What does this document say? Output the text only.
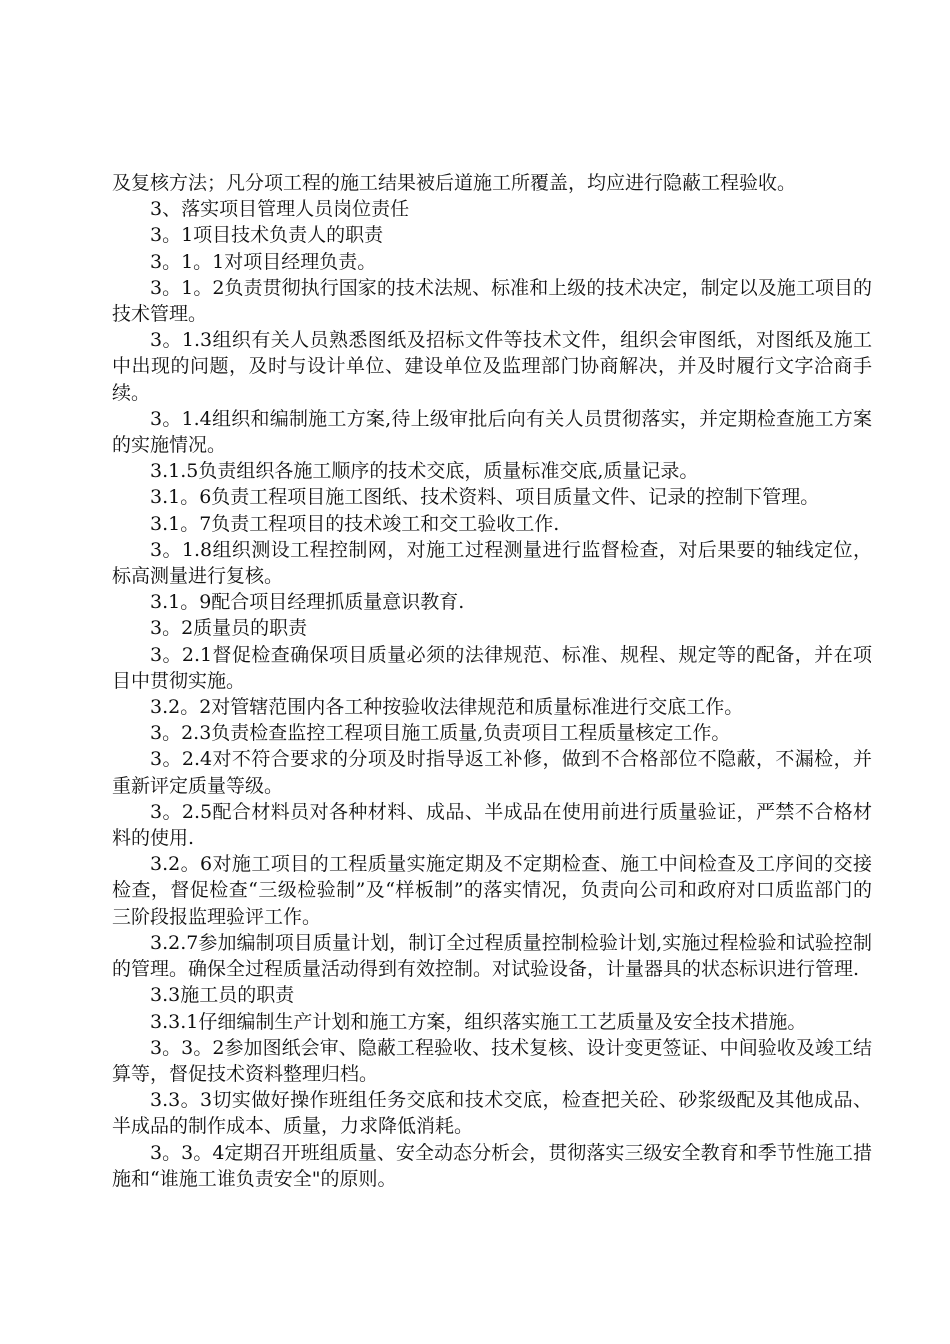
及复核方法；凡分项工程的施工结果被后道施工所覆盖，均应进行隐蔽工程验收。

3、落实项目管理人员岗位责任

3。1项目技术负责人的职责

3。1。1对项目经理负责。

3。1。2负责贯彻执行国家的技术法规、标准和上级的技术决定，制定以及施工项目的技术管理。

3。1.3组织有关人员熟悉图纸及招标文件等技术文件，组织会审图纸，对图纸及施工中出现的问题，及时与设计单位、建设单位及监理部门协商解决，并及时履行文字洽商手续。

3。1.4组织和编制施工方案,待上级审批后向有关人员贯彻落实，并定期检查施工方案的实施情况。

3.1.5负责组织各施工顺序的技术交底，质量标准交底,质量记录。

3.1。6负责工程项目施工图纸、技术资料、项目质量文件、记录的控制下管理。

3.1。7负责工程项目的技术竣工和交工验收工作.

3。1.8组织测设工程控制网，对施工过程测量进行监督检查，对后果要的轴线定位，标高测量进行复核。

3.1。9配合项目经理抓质量意识教育.

3。2质量员的职责

3。2.1督促检查确保项目质量必须的法律规范、标准、规程、规定等的配备，并在项目中贯彻实施。

3.2。2对管辖范围内各工种按验收法律规范和质量标准进行交底工作。

3。2.3负责检查监控工程项目施工质量,负责项目工程质量核定工作。

3。2.4对不符合要求的分项及时指导返工补修，做到不合格部位不隐蔽，不漏检，并重新评定质量等级。

3。2.5配合材料员对各种材料、成品、半成品在使用前进行质量验证，严禁不合格材料的使用.

3.2。6对施工项目的工程质量实施定期及不定期检查、施工中间检查及工序间的交接检查，督促检查“三级检验制”及“样板制”的落实情况，负责向公司和政府对口质监部门的三阶段报监理验评工作。

3.2.7参加编制项目质量计划，制订全过程质量控制检验计划,实施过程检验和试验控制的管理。确保全过程质量活动得到有效控制。对试验设备，计量器具的状态标识进行管理.

3.3施工员的职责

3.3.1仔细编制生产计划和施工方案，组织落实施工工艺质量及安全技术措施。

3。3。2参加图纸会审、隐蔽工程验收、技术复核、设计变更签证、中间验收及竣工结算等，督促技术资料整理归档。

3.3。3切实做好操作班组任务交底和技术交底，检查把关砼、砂浆级配及其他成品、半成品的制作成本、质量，力求降低消耗。

3。3。4定期召开班组质量、安全动态分析会，贯彻落实三级安全教育和季节性施工措施和“谁施工谁负责安全"的原则。
